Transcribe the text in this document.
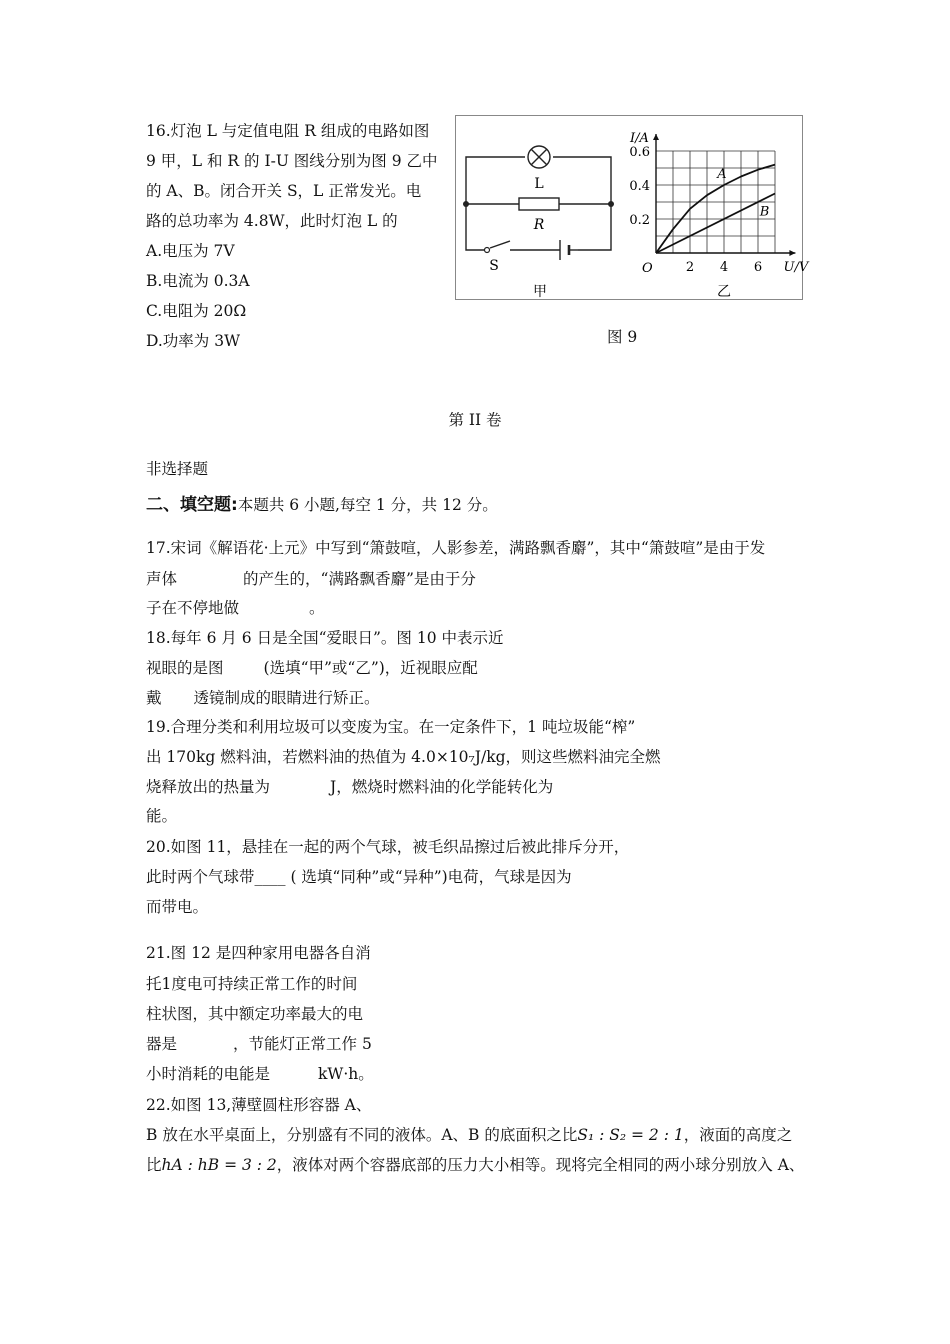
16.灯泡 L 与定值电阻 R 组成的电路如图
9 甲，L 和 R 的 I-U 图线分别为图 9 乙中
的 A、B。闭合开关 S，L 正常发光。电
路的总功率为 4.8W，此时灯泡 L 的
A.电压为 7V
B.电流为 0.3A
C.电阻为 20Ω
D.功率为 3W
L
R
S
甲
2 4 6
0.2
0.4
0.6
O
I/A
U/V
A
B
乙
图 9
第 II 卷
非选择题
二、填空题:本题共 6 小题,每空 1 分，共 12 分。
17.宋词《解语花·上元》中写到“箫鼓喧，人影参差，满路飘香麝”，其中“箫鼓喧”是由于发
声体	的产生的，“满路飘香麝”是由于分
子在不停地做	。
18.每年 6 月 6 日是全国“爱眼日”。图 10 中表示近
视眼的是图	(选填“甲”或“乙”)，近视眼应配
戴 透镜制成的眼睛进行矫正。
19.合理分类和利用垃圾可以变废为宝。在一定条件下，1 吨垃圾能“榨”
出 170kg 燃料油，若燃料油的热值为 4.0×10₇J/kg，则这些燃料油完全燃
烧释放出的热量为	J，燃烧时燃料油的化学能转化为
能。
20.如图 11，悬挂在一起的两个气球，被毛织品擦过后被此排斥分开，
此时两个气球带____ ( 选填“同种”或“异种”)电荷，气球是因为
而带电。
21.图 12 是四种家用电器各自消
托1度电可持续正常工作的时间
柱状图，其中额定功率最大的电
器是	，节能灯正常工作 5
小时消耗的电能是	kW·h。
22.如图 13,薄壁圆柱形容器 A、
B 放在水平桌面上，分别盛有不同的液体。A、B 的底面积之比S₁ : S₂ = 2 : 1，液面的高度之
比hA : hB = 3 : 2，液体对两个容器底部的压力大小相等。现将完全相同的两小球分别放入 A、
